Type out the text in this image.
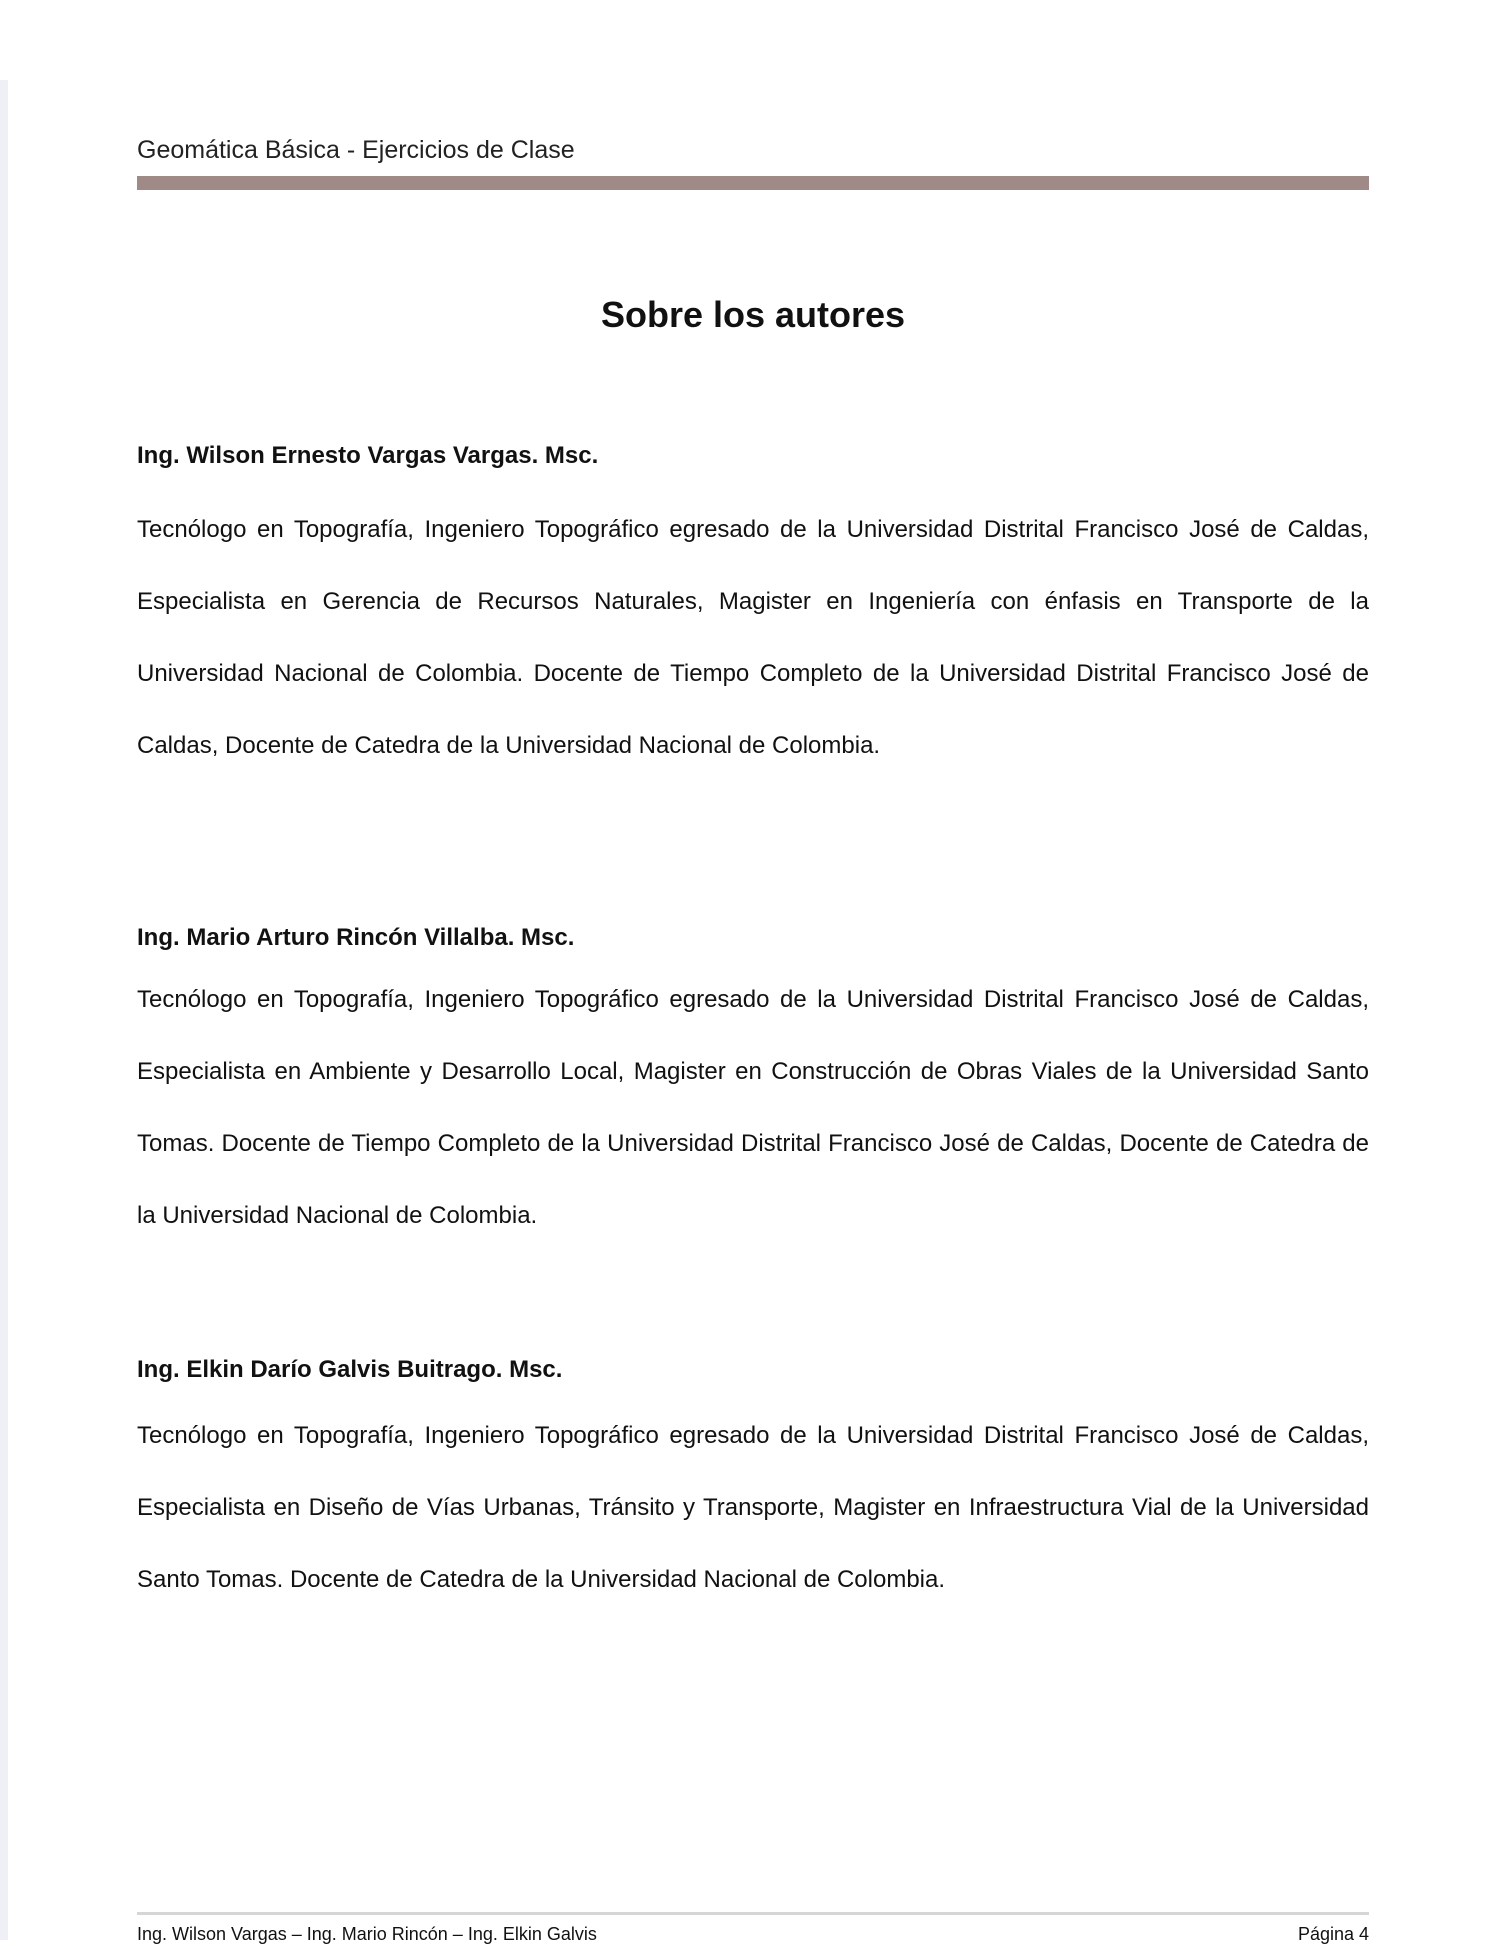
Geomática Básica - Ejercicios de Clase
Sobre los autores
Ing. Wilson Ernesto Vargas Vargas. Msc.
Tecnólogo en Topografía, Ingeniero Topográfico egresado de la Universidad Distrital Francisco José de Caldas, Especialista en Gerencia de Recursos Naturales, Magister en Ingeniería con énfasis en Transporte de la Universidad Nacional de Colombia. Docente de Tiempo Completo de la Universidad Distrital Francisco José de Caldas, Docente de Catedra de la Universidad Nacional de Colombia.
Ing. Mario Arturo Rincón Villalba. Msc.
Tecnólogo en Topografía, Ingeniero Topográfico egresado de la Universidad Distrital Francisco José de Caldas, Especialista en Ambiente y Desarrollo Local, Magister en Construcción de Obras Viales de la Universidad Santo Tomas. Docente de Tiempo Completo de la Universidad Distrital Francisco José de Caldas, Docente de Catedra de la Universidad Nacional de Colombia.
Ing. Elkin Darío Galvis Buitrago. Msc.
Tecnólogo en Topografía, Ingeniero Topográfico egresado de la Universidad Distrital Francisco José de Caldas, Especialista en Diseño de Vías Urbanas, Tránsito y Transporte, Magister en Infraestructura Vial de la Universidad Santo Tomas. Docente de Catedra de la Universidad Nacional de Colombia.
Ing. Wilson Vargas – Ing. Mario Rincón – Ing. Elkin Galvis	Página 4
